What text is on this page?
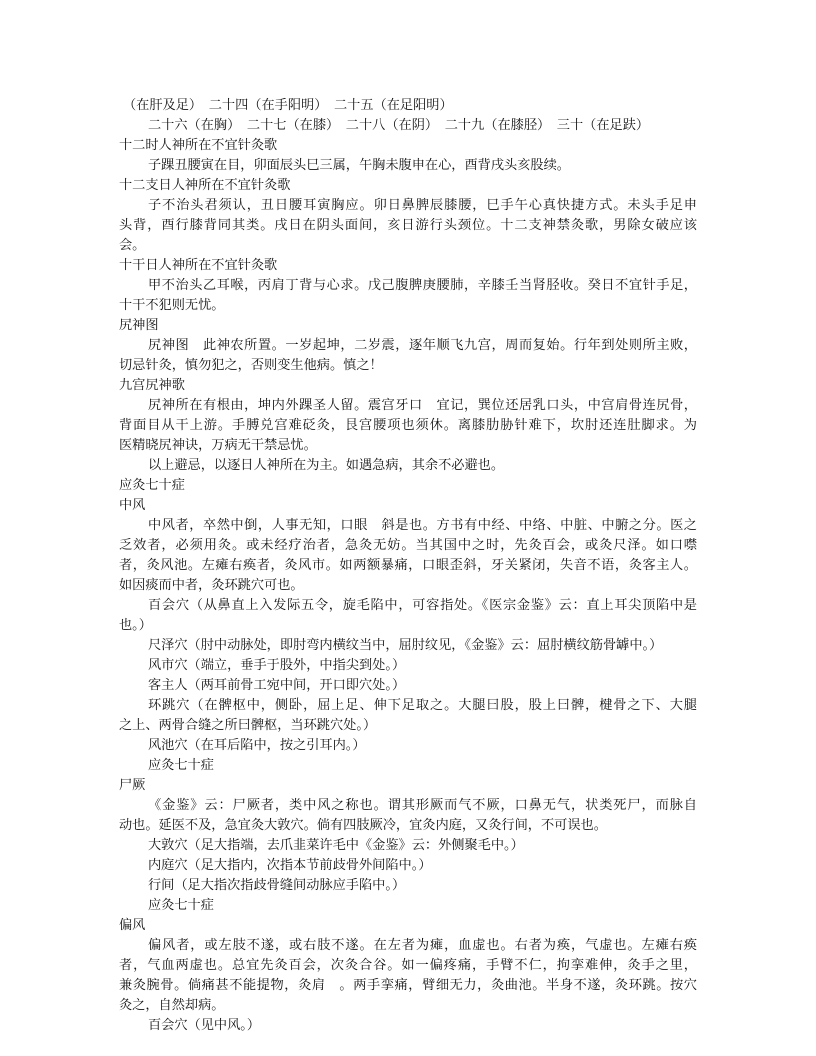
（在肝及足）　二十四（在手阳明）　二十五（在足阳明）
二十六（在胸）　二十七（在膝）　二十八（在阴）　二十九（在膝胫）　三十（在足趺）
十二时人神所在不宜针灸歌
子踝丑腰寅在目，卯面辰头巳三属，午胸未腹申在心，酉背戌头亥股续。
十二支日人神所在不宜针灸歌
子不治头君须认，丑日腰耳寅胸应。卯日鼻脾辰膝腰，巳手午心真快捷方式。未头手足申
头背，酉行膝背同其类。戌日在阴头面间，亥日游行头颈位。十二支神禁灸歌，男除女破应该
会。
十干日人神所在不宜针灸歌
甲不治头乙耳喉，丙肩丁背与心求。戊己腹脾庚腰肺，辛膝壬当肾胫收。癸日不宜针手足，
十干不犯则无忧。
尻神图
尻神图　此神农所置。一岁起坤，二岁震，逐年顺飞九宫，周而复始。行年到处则所主败，
切忌针灸，慎勿犯之，否则变生他病。慎之！
九宫尻神歌
尻神所在有根由，坤内外踝圣人留。震宫牙口　宜记，巽位还居乳口头，中宫肩骨连尻骨，
背面目从干上游。手膊兑宫难砭灸，艮宫腰项也须休。离膝肋胁针难下，坎肘还连肚脚求。为
医精晓尻神诀，万病无干禁忌忧。
以上避忌，以逐日人神所在为主。如遇急病，其余不必避也。
应灸七十症
中风
中风者，卒然中倒，人事无知，口眼　斜是也。方书有中经、中络、中脏、中腑之分。医之
乏效者，必须用灸。或未经疗治者，急灸无妨。当其国中之时，先灸百会，或灸尺泽。如口噤
者，灸风池。左瘫右痪者，灸风市。如两额暴痛，口眼歪斜，牙关紧闭，失音不语，灸客主人。
如因痰而中者，灸环跳穴可也。
百会穴（从鼻直上入发际五令，旋毛陷中，可容指处。《医宗金鉴》云：直上耳尖顶陷中是
也。）
尺泽穴（肘中动脉处，即肘弯内横纹当中，屈肘纹见，《金鉴》云：屈肘横纹筋骨罅中。）
风市穴（端立，垂手于股外，中指尖到处。）
客主人（两耳前骨工宛中间，开口即穴处。）
环跳穴（在髀枢中，侧卧，屈上足、伸下足取之。大腿曰股，股上曰髀，楗骨之下、大腿
之上、两骨合缝之所曰髀枢，当环跳穴处。）
风池穴（在耳后陷中，按之引耳内。）
应灸七十症
尸厥
《金鉴》云：尸厥者，类中风之称也。谓其形厥而气不厥，口鼻无气，状类死尸，而脉自
动也。延医不及，急宜灸大敦穴。倘有四肢厥冷，宜灸内庭，又灸行间，不可误也。
大敦穴（足大指端，去爪韭菜许毛中《金鉴》云：外侧聚毛中。）
内庭穴（足大指内，次指本节前歧骨外间陷中。）
行间（足大指次指歧骨缝间动脉应手陷中。）
应灸七十症
偏风
偏风者，或左肢不遂，或右肢不遂。在左者为瘫，血虚也。右者为痪，气虚也。左瘫右痪
者，气血两虚也。总宜先灸百会，次灸合谷。如一偏疼痛，手臂不仁，拘挛难伸，灸手之里，
兼灸腕骨。倘痛甚不能提物，灸肩　。两手挛痛，臂细无力，灸曲池。半身不遂，灸环跳。按穴
灸之，自然却病。
百会穴（见中风。）
